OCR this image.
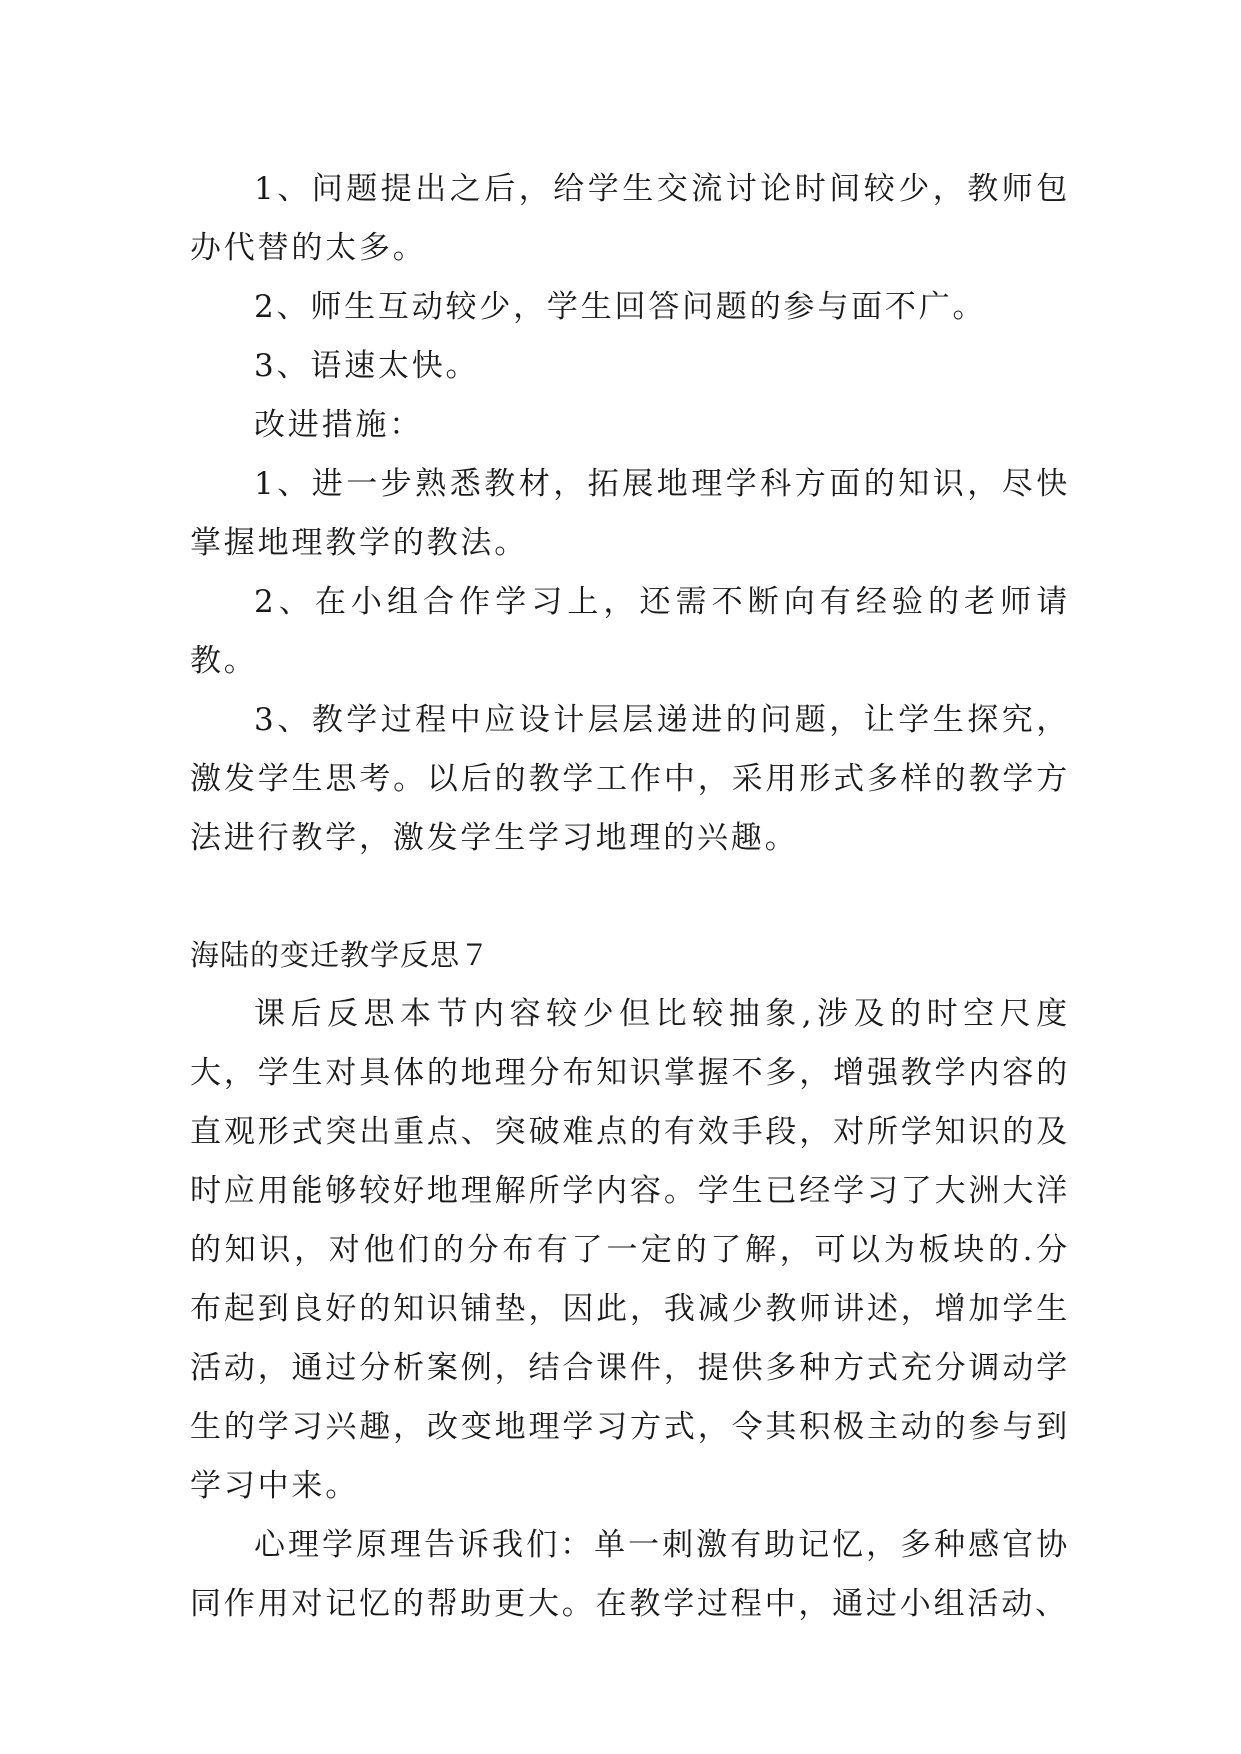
1、问题提出之后，给学生交流讨论时间较少，教师包办代替的太多。

2、师生互动较少，学生回答问题的参与面不广。

3、语速太快。

改进措施：

1、进一步熟悉教材，拓展地理学科方面的知识，尽快掌握地理教学的教法。

2、在小组合作学习上，还需不断向有经验的老师请教。

3、教学过程中应设计层层递进的问题，让学生探究，激发学生思考。以后的教学工作中，采用形式多样的教学方法进行教学，激发学生学习地理的兴趣。

海陆的变迁教学反思７

课后反思本节内容较少但比较抽象,涉及的时空尺度大，学生对具体的地理分布知识掌握不多，增强教学内容的直观形式突出重点、突破难点的有效手段，对所学知识的及时应用能够较好地理解所学内容。学生已经学习了大洲大洋的知识，对他们的分布有了一定的了解，可以为板块的.分布起到良好的知识铺垫，因此，我减少教师讲述，增加学生活动，通过分析案例，结合课件，提供多种方式充分调动学生的学习兴趣，改变地理学习方式，令其积极主动的参与到学习中来。

心理学原理告诉我们：单一刺激有助记忆，多种感官协同作用对记忆的帮助更大。在教学过程中，通过小组活动、
